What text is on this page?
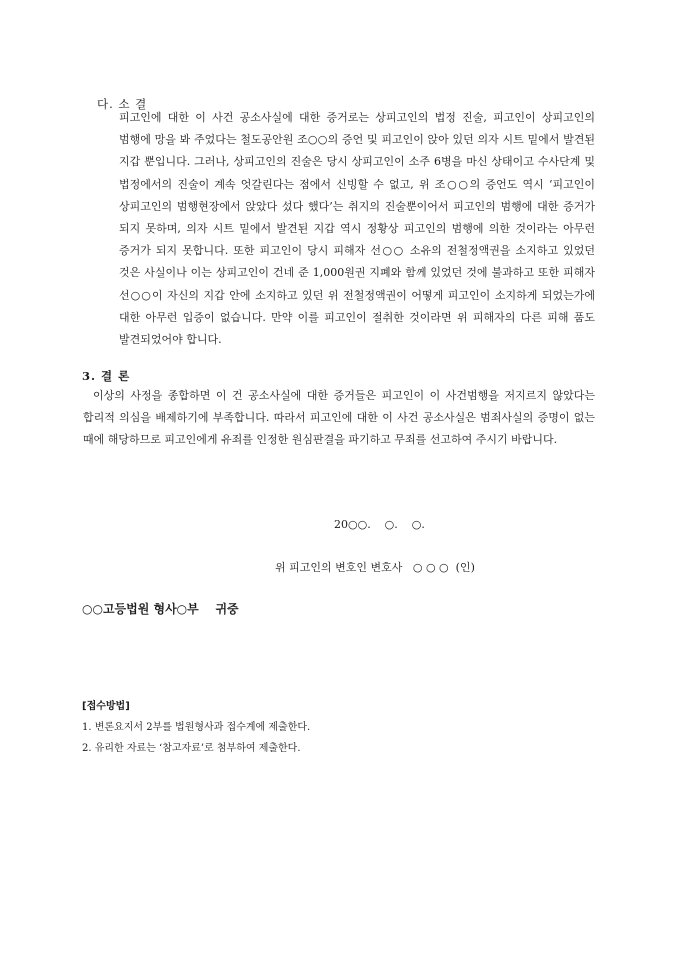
다. 소 결

피고인에 대한 이 사건 공소사실에 대한 증거로는 상피고인의 법정 진술, 피고인이 상피고인의 범행에 망을 봐 주었다는 철도공안원 조○○의 증언 및 피고인이 앉아 있던 의자 시트 밑에서 발견된 지갑 뿐입니다. 그러나, 상피고인의 진술은 당시 상피고인이 소주 6병을 마신 상태이고 수사단계 및 법정에서의 진술이 계속 엇갈린다는 점에서 신빙할 수 없고, 위 조○○의 증언도 역시 ‘피고인이 상피고인의 범행현장에서 앉았다 섰다 했다’는 취지의 진술뿐이어서 피고인의 범행에 대한 증거가 되지 못하며, 의자 시트 밑에서 발견된 지갑 역시 정황상 피고인의 범행에 의한 것이라는 아무런 증거가 되지 못합니다. 또한 피고인이 당시 피해자 선○○ 소유의 전철정액권을 소지하고 있었던 것은 사실이나 이는 상피고인이 건네 준 1,000원권 지폐와 함께 있었던 것에 불과하고 또한 피해자 선○○이 자신의 지갑 안에 소지하고 있던 위 전철정액권이 어떻게 피고인이 소지하게 되었는가에 대한 아무런 입증이 없습니다. 만약 이를 피고인이 절취한 것이라면 위 피해자의 다른 피해 품도 발견되었어야 합니다.

3. 결 론

이상의 사정을 종합하면 이 건 공소사실에 대한 증거들은 피고인이 이 사건범행을 저지르지 않았다는 합리적 의심을 배제하기에 부족합니다. 따라서 피고인에 대한 이 사건 공소사실은 범죄사실의 증명이 없는 때에 해당하므로 피고인에게 유죄를 인정한 원심판결을 파기하고 무죄를 선고하여 주시기 바랍니다.

20○○.    ○.    ○.
위 피고인의 변호인 변호사   ○ ○ ○  (인)
○○고등법원 형사○부    귀중
[접수방법]
1. 변론요지서 2부를 법원형사과 접수계에 제출한다.
2. 유리한 자료는 ‘참고자료’로 첨부하여 제출한다.
